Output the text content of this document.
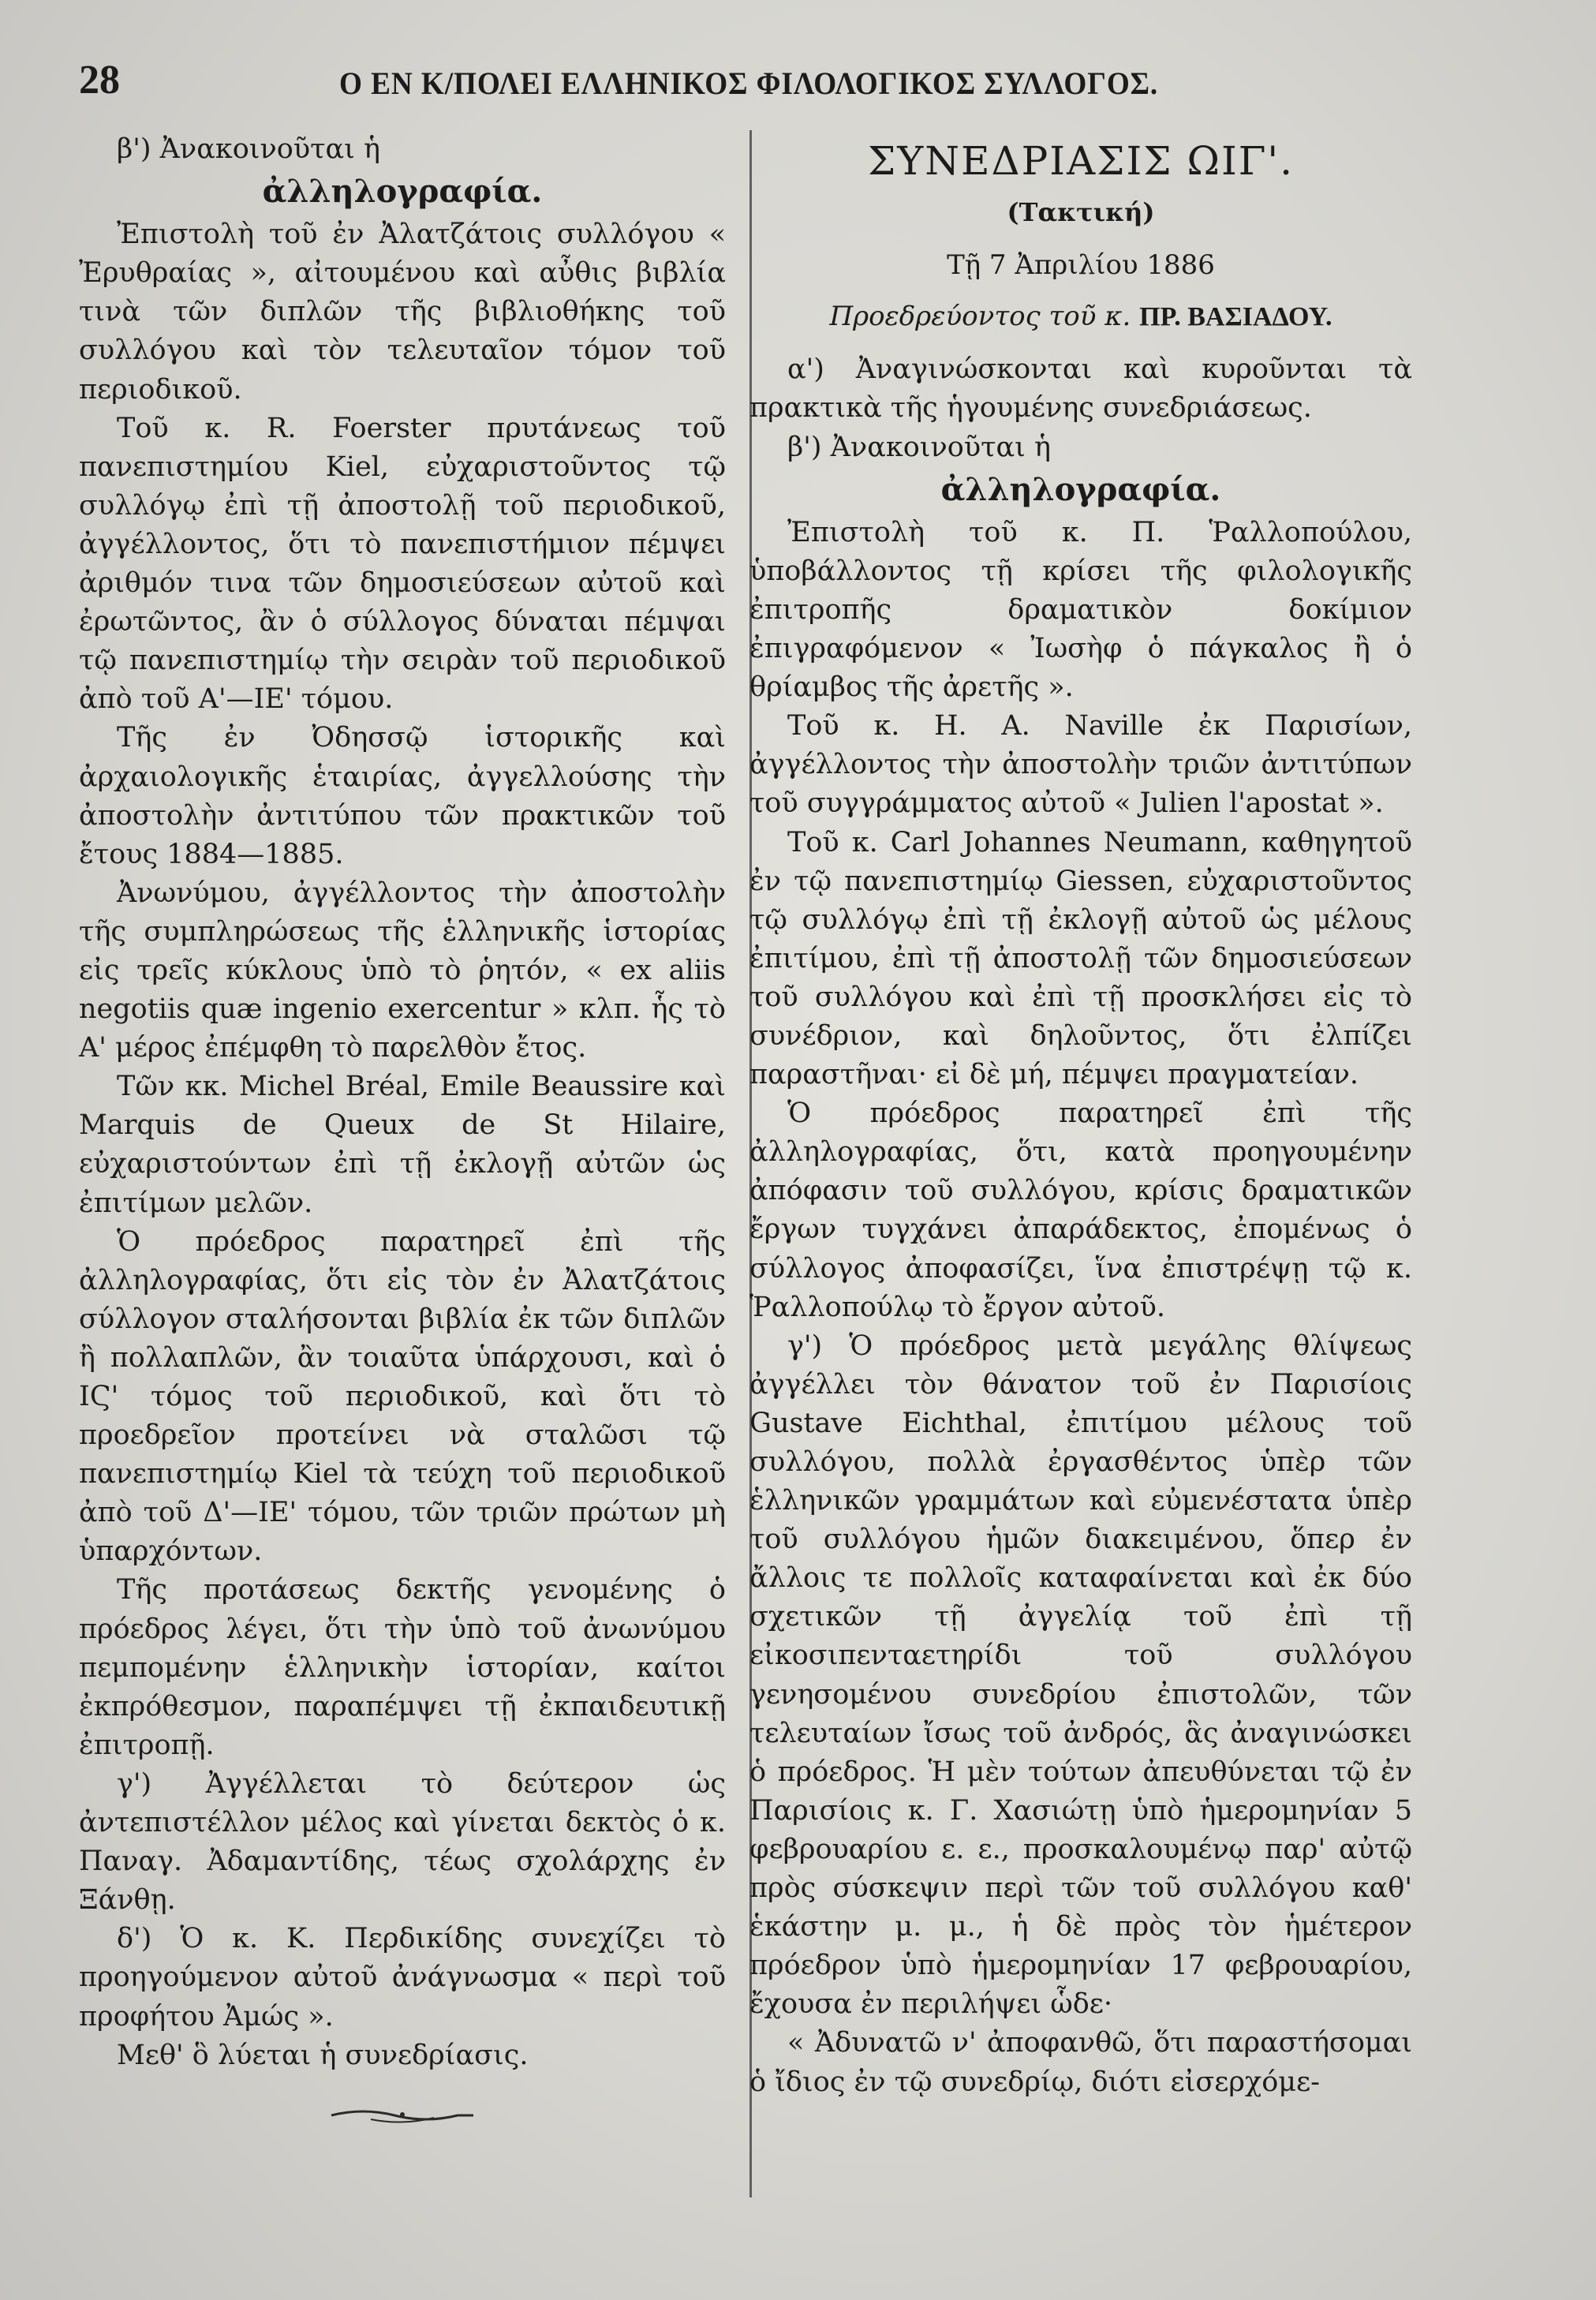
28	Ο ΕΝ Κ/ΠΟΛΕΙ ΕΛΛΗΝΙΚΟΣ ΦΙΛΟΛΟΓΙΚΟΣ ΣΥΛΛΟΓΟΣ.

β') Ἀνακοινοῦται ἡ

ἀλληλογραφία.

Ἐπιστολὴ τοῦ ἐν Ἀλατζάτοις συλλόγου « Ἐρυθραίας », αἰτουμένου καὶ αὖθις βιβλία τινὰ τῶν διπλῶν τῆς βιβλιοθήκης τοῦ συλλόγου καὶ τὸν τελευταῖον τόμον τοῦ περιοδικοῦ.

Τοῦ κ. R. Foerster πρυτάνεως τοῦ πανεπιστημίου Kiel, εὐχαριστοῦντος τῷ συλλόγῳ ἐπὶ τῇ ἀποστολῇ τοῦ περιοδικοῦ, ἀγγέλλοντος, ὅτι τὸ πανεπιστήμιον πέμψει ἀριθμόν τινα τῶν δημοσιεύσεων αὐτοῦ καὶ ἐρωτῶντος, ἂν ὁ σύλλογος δύναται πέμψαι τῷ πανεπιστημίῳ τὴν σειρὰν τοῦ περιοδικοῦ ἀπὸ τοῦ Α'—ΙΕ' τόμου.

Τῆς ἐν Ὀδησσῷ ἱστορικῆς καὶ ἀρχαιολογικῆς ἑταιρίας, ἀγγελλούσης τὴν ἀποστολὴν ἀντιτύπου τῶν πρακτικῶν τοῦ ἔτους 1884—1885.

Ἀνωνύμου, ἀγγέλλοντος τὴν ἀποστολὴν τῆς συμπληρώσεως τῆς ἑλληνικῆς ἱστορίας εἰς τρεῖς κύκλους ὑπὸ τὸ ῥητόν, « ex aliis negotiis quæ ingenio exercentur » κλπ. ἧς τὸ Α' μέρος ἐπέμφθη τὸ παρελθὸν ἔτος.

Τῶν κκ. Michel Bréal, Emile Beaussire καὶ Marquis de Queux de St Hilaire, εὐχαριστούντων ἐπὶ τῇ ἐκλογῇ αὐτῶν ὡς ἐπιτίμων μελῶν.

Ὁ πρόεδρος παρατηρεῖ ἐπὶ τῆς ἀλληλογραφίας, ὅτι εἰς τὸν ἐν Ἀλατζάτοις σύλλογον σταλήσονται βιβλία ἐκ τῶν διπλῶν ἢ πολλαπλῶν, ἂν τοιαῦτα ὑπάρχουσι, καὶ ὁ ΙϚ' τόμος τοῦ περιοδικοῦ, καὶ ὅτι τὸ προεδρεῖον προτείνει νὰ σταλῶσι τῷ πανεπιστημίῳ Kiel τὰ τεύχη τοῦ περιοδικοῦ ἀπὸ τοῦ Δ'—ΙΕ' τόμου, τῶν τριῶν πρώτων μὴ ὑπαρχόντων.

Τῆς προτάσεως δεκτῆς γενομένης ὁ πρόεδρος λέγει, ὅτι τὴν ὑπὸ τοῦ ἀνωνύμου πεμπομένην ἑλληνικὴν ἱστορίαν, καίτοι ἐκπρόθεσμον, παραπέμψει τῇ ἐκπαιδευτικῇ ἐπιτροπῇ.

γ') Ἀγγέλλεται τὸ δεύτερον ὡς ἀντεπιστέλλον μέλος καὶ γίνεται δεκτὸς ὁ κ. Παναγ. Ἀδαμαντίδης, τέως σχολάρχης ἐν Ξάνθῃ.

δ') Ὁ κ. Κ. Περδικίδης συνεχίζει τὸ προηγούμενον αὐτοῦ ἀνάγνωσμα « περὶ τοῦ προφήτου Ἀμώς ».

Μεθ' ὃ λύεται ἡ συνεδρίασις.

ΣΥΝΕΔΡΙΑΣΙΣ ΩΙΓ'.
(Τακτική)
Τῇ 7 Ἀπριλίου 1886
Προεδρεύοντος τοῦ κ. ΠΡ. ΒΑΣΙΑΔΟΥ.

α') Ἀναγινώσκονται καὶ κυροῦνται τὰ πρακτικὰ τῆς ἡγουμένης συνεδριάσεως.

β') Ἀνακοινοῦται ἡ

ἀλληλογραφία.

Ἐπιστολὴ τοῦ κ. Π. Ῥαλλοπούλου, ὑποβάλλοντος τῇ κρίσει τῆς φιλολογικῆς ἐπιτροπῆς δραματικὸν δοκίμιον ἐπιγραφόμενον « Ἰωσὴφ ὁ πάγκαλος ἢ ὁ θρίαμβος τῆς ἀρετῆς ».

Τοῦ κ. H. A. Naville ἐκ Παρισίων, ἀγγέλλοντος τὴν ἀποστολὴν τριῶν ἀντιτύπων τοῦ συγγράμματος αὐτοῦ « Julien l'apostat ».

Τοῦ κ. Carl Johannes Neumann, καθηγητοῦ ἐν τῷ πανεπιστημίῳ Giessen, εὐχαριστοῦντος τῷ συλλόγῳ ἐπὶ τῇ ἐκλογῇ αὐτοῦ ὡς μέλους ἐπιτίμου, ἐπὶ τῇ ἀποστολῇ τῶν δημοσιεύσεων τοῦ συλλόγου καὶ ἐπὶ τῇ προσκλήσει εἰς τὸ συνέδριον, καὶ δηλοῦντος, ὅτι ἐλπίζει παραστῆναι· εἰ δὲ μή, πέμψει πραγματείαν.

Ὁ πρόεδρος παρατηρεῖ ἐπὶ τῆς ἀλληλογραφίας, ὅτι, κατὰ προηγουμένην ἀπόφασιν τοῦ συλλόγου, κρίσις δραματικῶν ἔργων τυγχάνει ἀπαράδεκτος, ἐπομένως ὁ σύλλογος ἀποφασίζει, ἵνα ἐπιστρέψῃ τῷ κ. Ῥαλλοπούλῳ τὸ ἔργον αὐτοῦ.

γ') Ὁ πρόεδρος μετὰ μεγάλης θλίψεως ἀγγέλλει τὸν θάνατον τοῦ ἐν Παρισίοις Gustave Eichthal, ἐπιτίμου μέλους τοῦ συλλόγου, πολλὰ ἐργασθέντος ὑπὲρ τῶν ἑλληνικῶν γραμμάτων καὶ εὐμενέστατα ὑπὲρ τοῦ συλλόγου ἡμῶν διακειμένου, ὅπερ ἐν ἄλλοις τε πολλοῖς καταφαίνεται καὶ ἐκ δύο σχετικῶν τῇ ἀγγελίᾳ τοῦ ἐπὶ τῇ εἰκοσιπενταετηρίδι τοῦ συλλόγου γενησομένου συνεδρίου ἐπιστολῶν, τῶν τελευταίων ἴσως τοῦ ἀνδρός, ἃς ἀναγινώσκει ὁ πρόεδρος. Ἡ μὲν τούτων ἀπευθύνεται τῷ ἐν Παρισίοις κ. Γ. Χασιώτῃ ὑπὸ ἡμερομηνίαν 5 φεβρουαρίου ε. ε., προσκαλουμένῳ παρ' αὐτῷ πρὸς σύσκεψιν περὶ τῶν τοῦ συλλόγου καθ' ἑκάστην μ. μ., ἡ δὲ πρὸς τὸν ἡμέτερον πρόεδρον ὑπὸ ἡμερομηνίαν 17 φεβρουαρίου, ἔχουσα ἐν περιλήψει ὧδε·

« Ἀδυνατῶ ν' ἀποφανθῶ, ὅτι παραστήσομαι ὁ ἴδιος ἐν τῷ συνεδρίῳ, διότι εἰσερχόμε-
